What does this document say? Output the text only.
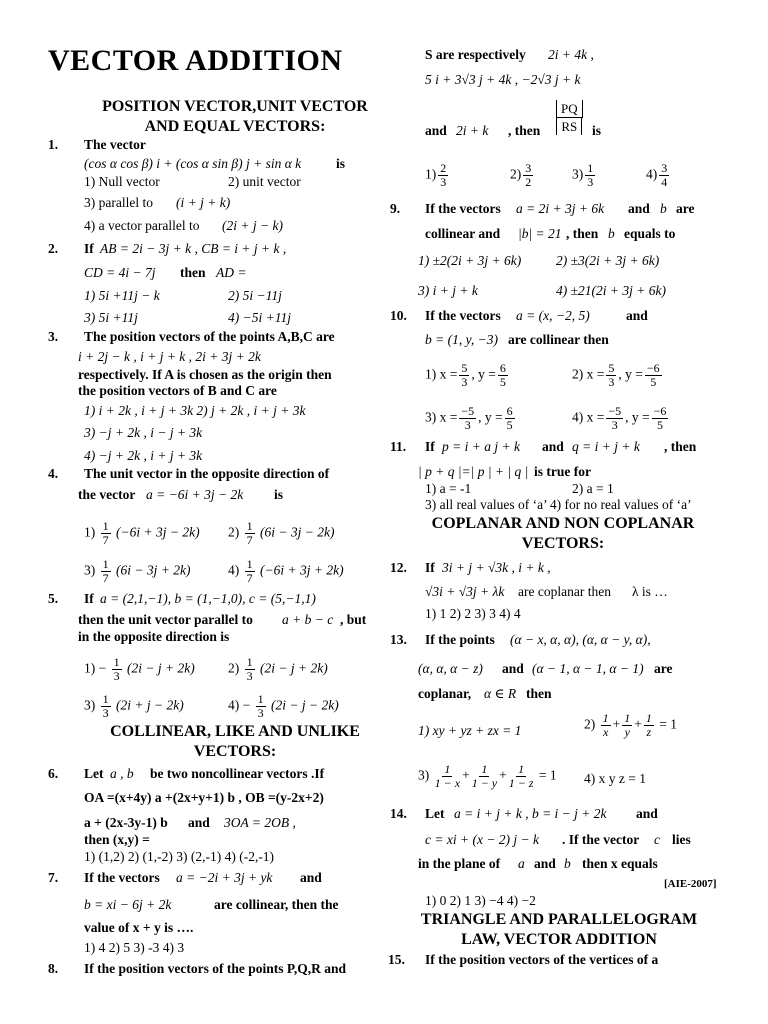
VECTOR ADDITION
POSITION VECTOR,UNIT VECTOR
AND EQUAL VECTORS:
1. The vector
(cos α cos β) i + (cos α sin β) j + sin α k	is
1) Null vector	2) unit vector
3) parallel to (i + j + k)
4) a vector parallel to (2i + j − k)
2. If AB = 2i − 3j + k , CB = i + j + k ,
CD = 4i − 7j then AD =
1) 5i +11j − k	2) 5i −11j
3) 5i +11j	4) −5i +11j
3. The position vectors of the points A,B,C are
i + 2j − k , i + j + k , 2i + 3j + 2k
respectively. If A is chosen as the origin then
the position vectors of B and C are
1) i + 2k , i + j + 3k 2) j + 2k , i + j + 3k
3) −j + 2k , i − j + 3k
4) −j + 2k , i + j + 3k
4. The unit vector in the opposite direction of
the vector a = −6i + 3j − 2k is
$1) \frac{1}{7} (-6i + 3j - 2k)$ $2) \frac{1}{7} (6i - 3j - 2k)$
$3) \frac{1}{7} (6i - 3j + 2k)$	$4) \frac{1}{7} (-6i + 3j + 2k)$
5. If a = (2,1,−1), b = (1,−1,0), c = (5,−1,1)
then the unit vector parallel to a + b − c , but
in the opposite direction is
$1) - \frac{1}{3} (2i - j + 2k)$ $2) \frac{1}{3} (2i - j + 2k)$
$3) \frac{1}{3} (2i + j - 2k)$	$4) - \frac{1}{3} (2i - j - 2k)$
COLLINEAR, LIKE AND UNLIKE
VECTORS:
6. Let a , b be two noncollinear vectors .If
OA =(x+4y) a +(2x+y+1) b , OB =(y-2x+2)
a + (2x-3y-1) b and 3OA = 2OB ,
then (x,y) =
1) (1,2) 2) (1,-2) 3) (2,-1) 4) (-2,-1)
7. If the vectors a = −2i + 3j + yk and
b = xi − 6j + 2k	are collinear, then the
value of x + y is ….
1) 4 2) 5 3) -3 4) 3
8. If the position vectors of the points P,Q,R and
S are respectively 2i + 4k ,
5 i + 3√3 j + 4k , −2√3 j + k
and 2i + k , then $\frac{PQ}{RS}$ is
$1) \frac{2}{3}$	$2) \frac{3}{2}$	$3) \frac{1}{3}$	$4) \frac{3}{4}$
9. If the vectors a = 2i + 3j + 6k and b are
collinear and |b| = 21 , then b equals to
1) ±2(2i + 3j + 6k)	2) ±3(2i + 3j + 6k)
3) i + j + k	4) ±21(2i + 3j + 6k)
10. If the vectors a = (x, −2, 5)	and
b = (1, y, −3) are collinear then
1) $x = \frac{5}{3}$ , $y = \frac{6}{5}$	2) $x = \frac{5}{3}$ , $y = \frac{-6}{5}$
3) $x = \frac{-5}{3}$ , $y = \frac{6}{5}$	4) $x = \frac{-5}{3}$ , $y = \frac{-6}{5}$
11. If p = i + a j + k and q = i + j + k , then
| p + q |=| p | + | q | is true for
1) a = -1	2) a = 1
3) all real values of ‘a’ 4) for no real values of ‘a’
COPLANAR AND NON COPLANAR
VECTORS:
12. If 3i + j + √3k , i + k ,
√3i + √3j + λk are coplanar then λ is …
1) 1 2) 2 3) 3 4) 4
13. If the points (α − x, α, α), (α, α − y, α),
(α, α, α − z) and (α − 1, α − 1, α − 1) are
coplanar, α ∈ R then
1) xy + yz + zx = 1	$2) \frac{1}{x} + \frac{1}{y} + \frac{1}{z} = 1$
$3) \frac{1}{1 - x} + \frac{1}{1 - y} + \frac{1}{1 - z} = 1$ 4) x y z = 1
14. Let a = i + j + k , b = i − j + 2k and
c = xi + (x − 2) j − k . If the vector c lies
in the plane of a and b then x equals
[AIE-2007]
1) 0 2) 1 3) −4 4) −2
TRIANGLE AND PARALLELOGRAM
LAW, VECTOR ADDITION
15. If the position vectors of the vertices of a
